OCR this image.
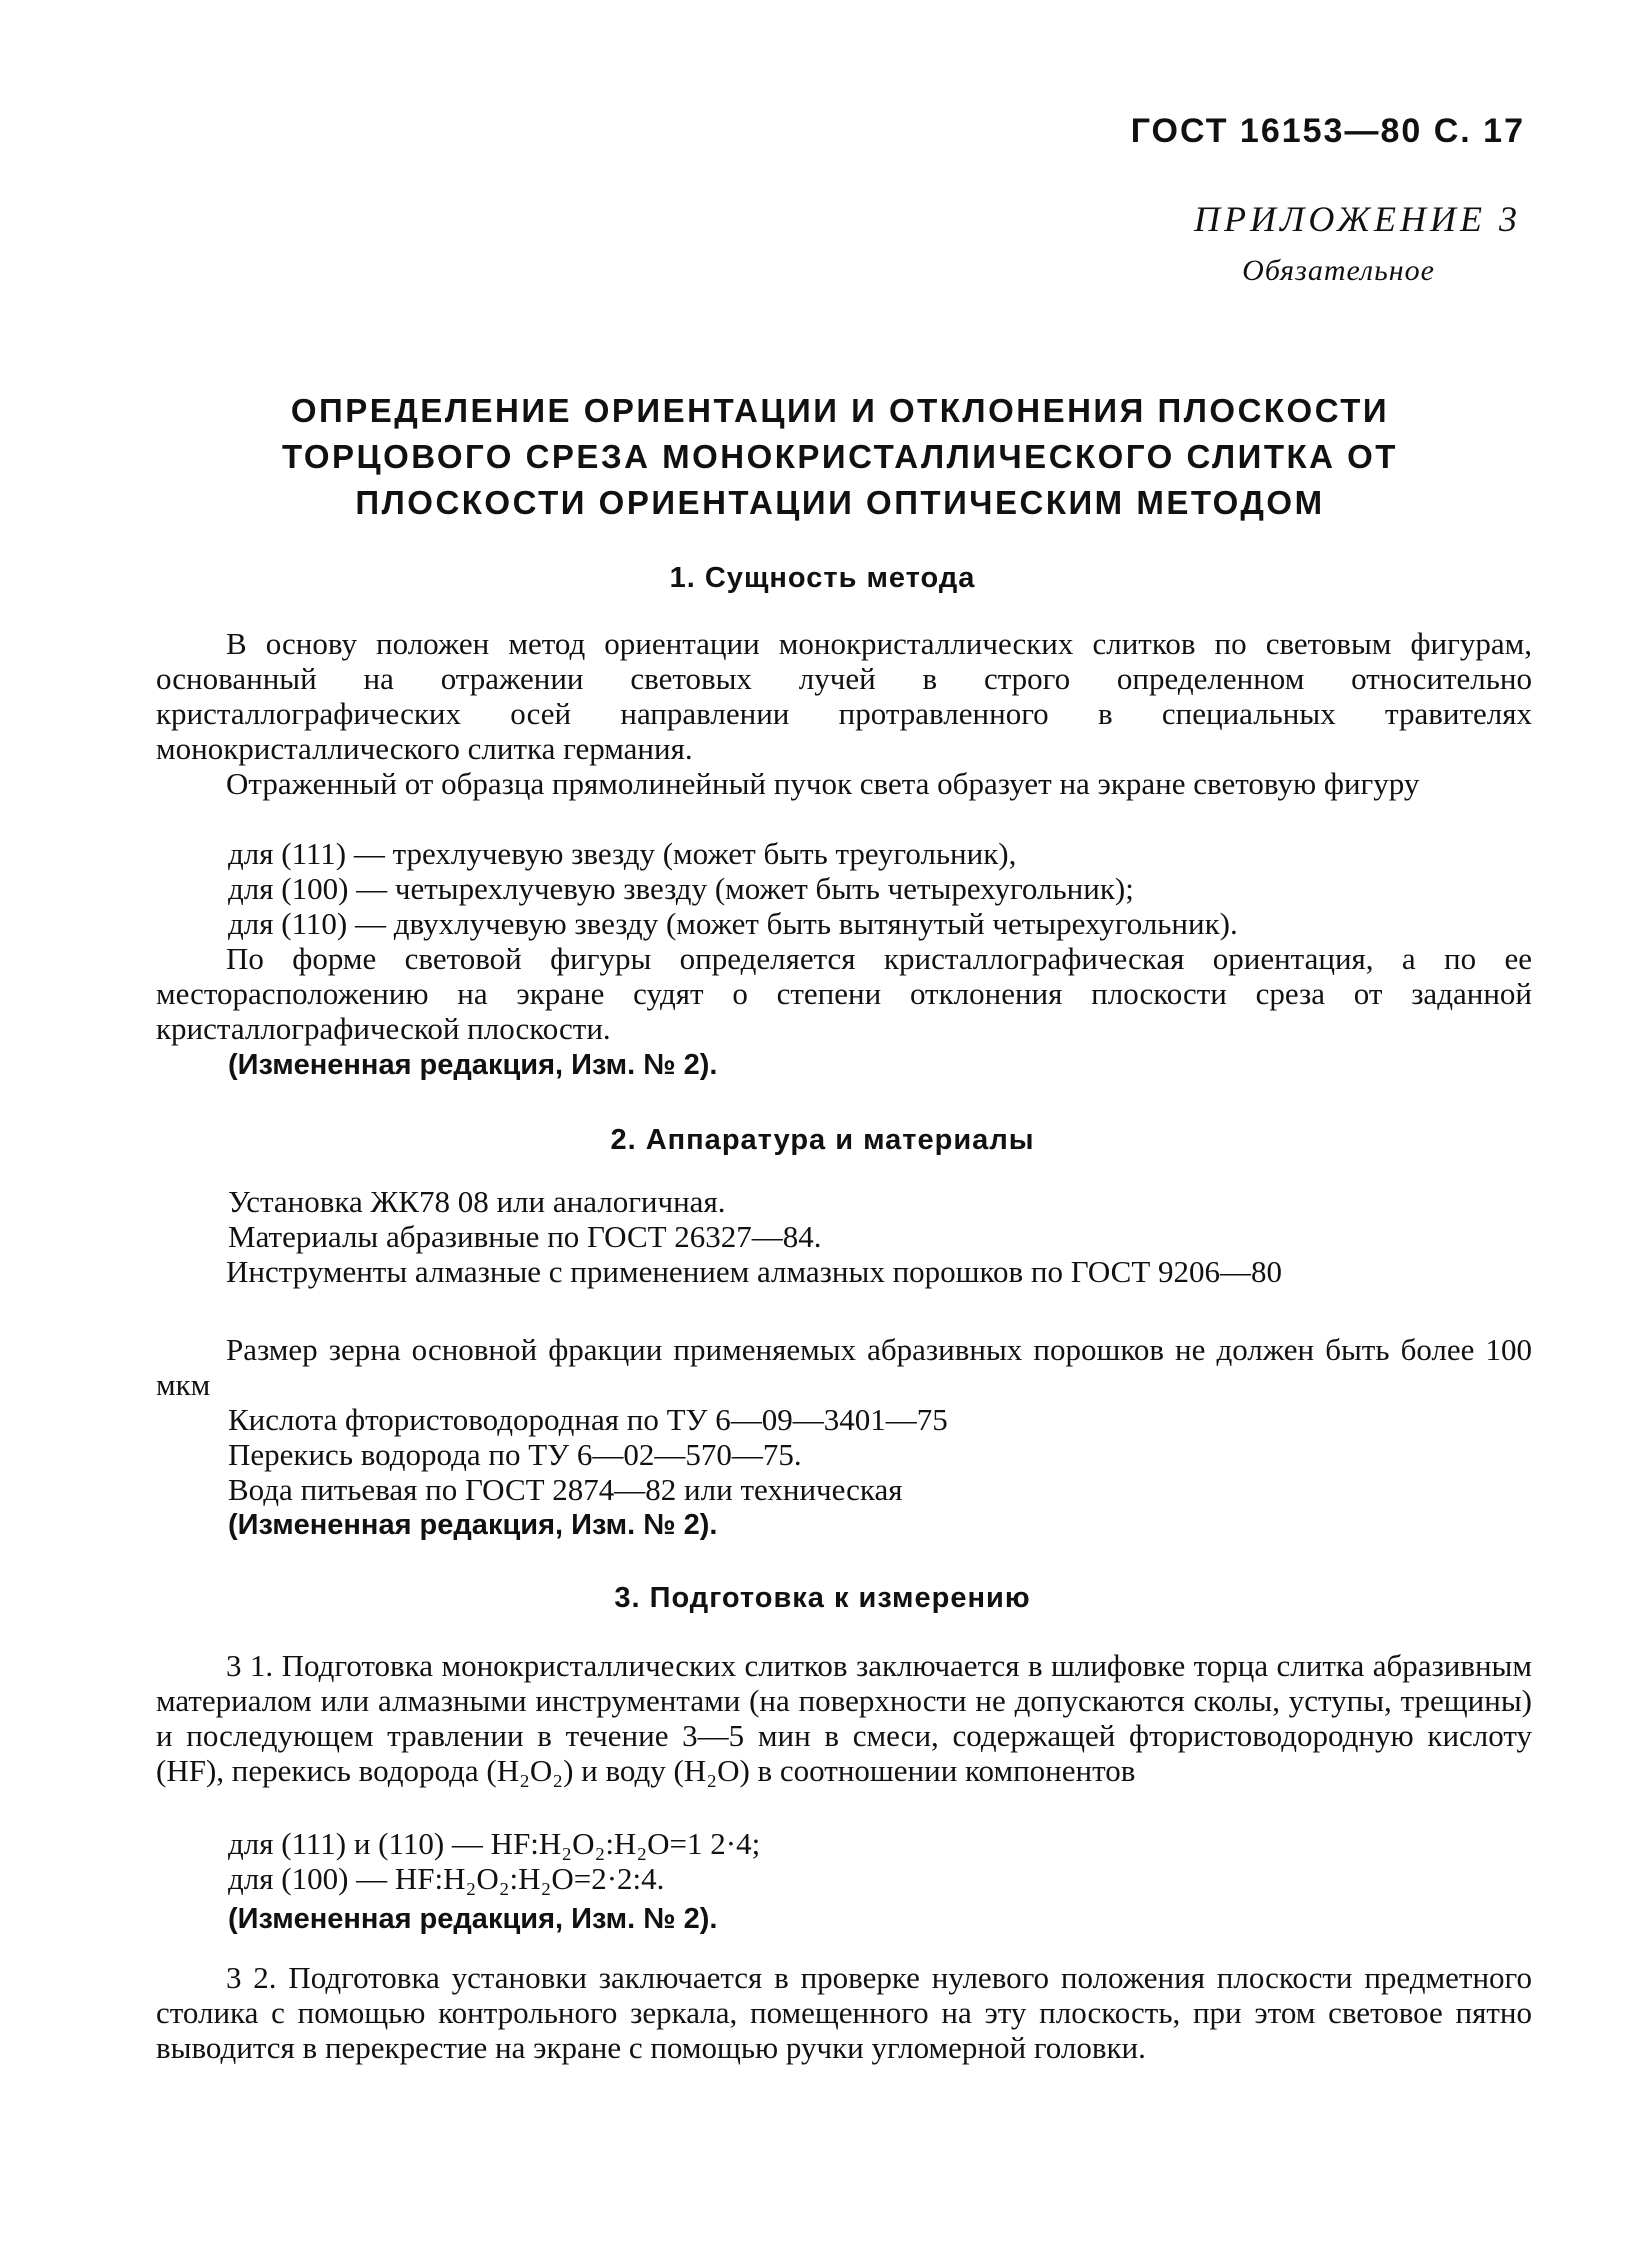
ГОСТ 16153—80 С. 17
ПРИЛОЖЕНИЕ 3
Обязательное
ОПРЕДЕЛЕНИЕ ОРИЕНТАЦИИ И ОТКЛОНЕНИЯ ПЛОСКОСТИ
ТОРЦОВОГО СРЕЗА МОНОКРИСТАЛЛИЧЕСКОГО СЛИТКА ОТ
ПЛОСКОСТИ ОРИЕНТАЦИИ ОПТИЧЕСКИМ МЕТОДОМ
1. Сущность метода
В основу положен метод ориентации монокристаллических слитков по световым фигурам, основанный на отражении световых лучей в строго определенном относительно кристаллографических осей направлении протравленного в специальных травителях монокристаллического слитка германия.
Отраженный от образца прямолинейный пучок света образует на экране световую фигуру
для (111) — трехлучевую звезду (может быть треугольник),
для (100) — четырехлучевую звезду (может быть четырехугольник);
для (110) — двухлучевую звезду (может быть вытянутый четырехугольник).
По форме световой фигуры определяется кристаллографическая ориентация, а по ее месторасположению на экране судят о степени отклонения плоскости среза от заданной кристаллографической плоскости.
(Измененная редакция, Изм. № 2).
2. Аппаратура и материалы
Установка ЖК78 08 или аналогичная.
Материалы абразивные по ГОСТ 26327—84.
Инструменты алмазные с применением алмазных порошков по ГОСТ 9206—80
Размер зерна основной фракции применяемых абразивных порошков не должен быть более 100 мкм
Кислота фтористоводородная по ТУ 6—09—3401—75
Перекись водорода по ТУ 6—02—570—75.
Вода питьевая по ГОСТ 2874—82 или техническая
(Измененная редакция, Изм. № 2).
3. Подготовка к измерению
3 1. Подготовка монокристаллических слитков заключается в шлифовке торца слитка абразивным материалом или алмазными инструментами (на поверхности не допускаются сколы, уступы, трещины) и последующем травлении в течение 3—5 мин в смеси, содержащей фтористоводородную кислоту (HF), перекись водорода (H₂O₂) и воду (H₂O) в соотношении компонентов
для (111) и (110) — HF:H₂O₂:H₂O=1 2·4;
для (100) — HF:H₂O₂:H₂O=2·2:4.
(Измененная редакция, Изм. № 2).
3 2. Подготовка установки заключается в проверке нулевого положения плоскости предметного столика с помощью контрольного зеркала, помещенного на эту плоскость, при этом световое пятно выводится в перекрестие на экране с помощью ручки угломерной головки.
